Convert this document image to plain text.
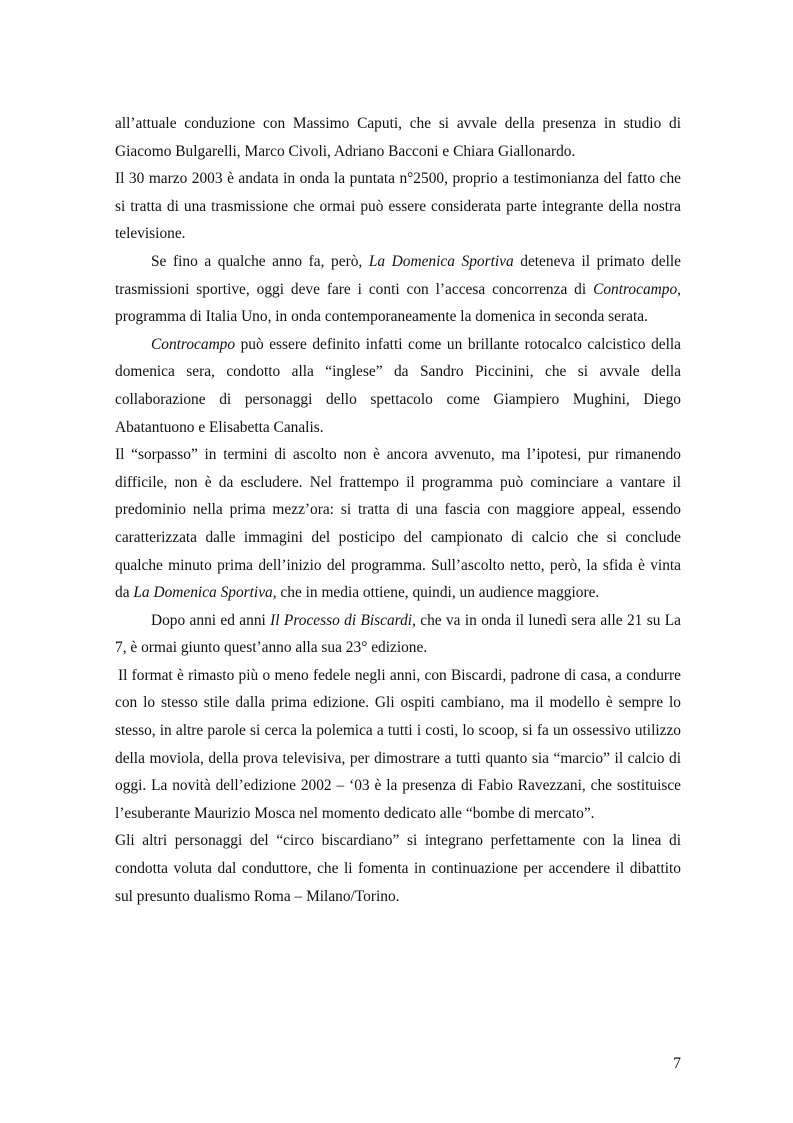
all’attuale conduzione con Massimo Caputi, che si avvale della presenza in studio di Giacomo Bulgarelli, Marco Civoli, Adriano Bacconi e Chiara Giallonardo.

Il 30 marzo 2003 è andata in onda la puntata n°2500, proprio a testimonianza del fatto che si tratta di una trasmissione che ormai può essere considerata parte integrante della nostra televisione.

Se fino a qualche anno fa, però, La Domenica Sportiva deteneva il primato delle trasmissioni sportive, oggi deve fare i conti con l’accesa concorrenza di Controcampo, programma di Italia Uno, in onda contemporaneamente la domenica in seconda serata.

Controcampo può essere definito infatti come un brillante rotocalco calcistico della domenica sera, condotto alla “inglese” da Sandro Piccinini, che si avvale della collaborazione di personaggi dello spettacolo come Giampiero Mughini, Diego Abatantuono e Elisabetta Canalis.

Il “sorpasso” in termini di ascolto non è ancora avvenuto, ma l’ipotesi, pur rimanendo difficile, non è da escludere. Nel frattempo il programma può cominciare a vantare il predominio nella prima mezz’ora: si tratta di una fascia con maggiore appeal, essendo caratterizzata dalle immagini del posticipo del campionato di calcio che si conclude qualche minuto prima dell’inizio del programma. Sull’ascolto netto, però, la sfida è vinta da La Domenica Sportiva, che in media ottiene, quindi, un audience maggiore.

Dopo anni ed anni Il Processo di Biscardi, che va in onda il lunedì sera alle 21 su La 7, è ormai giunto quest’anno alla sua 23° edizione.

Il format è rimasto più o meno fedele negli anni, con Biscardi, padrone di casa, a condurre con lo stesso stile dalla prima edizione. Gli ospiti cambiano, ma il modello è sempre lo stesso, in altre parole si cerca la polemica a tutti i costi, lo scoop, si fa un ossessivo utilizzo della moviola, della prova televisiva, per dimostrare a tutti quanto sia “marcio” il calcio di oggi. La novità dell’edizione 2002 – ‘03 è la presenza di Fabio Ravezzani, che sostituisce l’esuberante Maurizio Mosca nel momento dedicato alle “bombe di mercato”.

Gli altri personaggi del “circo biscardiano” si integrano perfettamente con la linea di condotta voluta dal conduttore, che li fomenta in continuazione per accendere il dibattito sul presunto dualismo Roma – Milano/Torino.

7
